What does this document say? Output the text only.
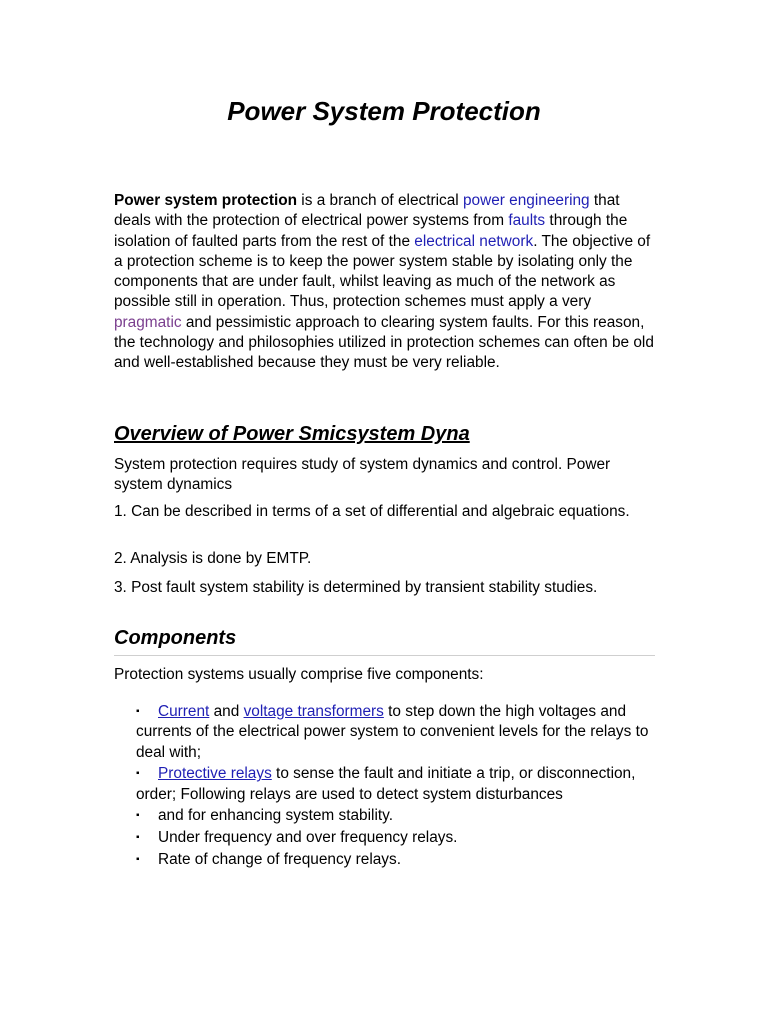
Power System Protection

Power system protection is a branch of electrical power engineering that deals with the protection of electrical power systems from faults through the isolation of faulted parts from the rest of the electrical network. The objective of a protection scheme is to keep the power system stable by isolating only the components that are under fault, whilst leaving as much of the network as possible still in operation. Thus, protection schemes must apply a very pragmatic and pessimistic approach to clearing system faults. For this reason, the technology and philosophies utilized in protection schemes can often be old and well-established because they must be very reliable.

Overview of Power Smicsystem Dyna

System protection requires study of system dynamics and control. Power system dynamics

1. Can be described in terms of a set of differential and algebraic equations.

2. Analysis is done by EMTP.

3. Post fault system stability is determined by transient stability studies.

Components

Protection systems usually comprise five components:

▪ Current and voltage transformers to step down the high voltages and currents of the electrical power system to convenient levels for the relays to deal with;
▪ Protective relays to sense the fault and initiate a trip, or disconnection, order; Following relays are used to detect system disturbances
▪ and for enhancing system stability.
▪ Under frequency and over frequency relays.
▪ Rate of change of frequency relays.
